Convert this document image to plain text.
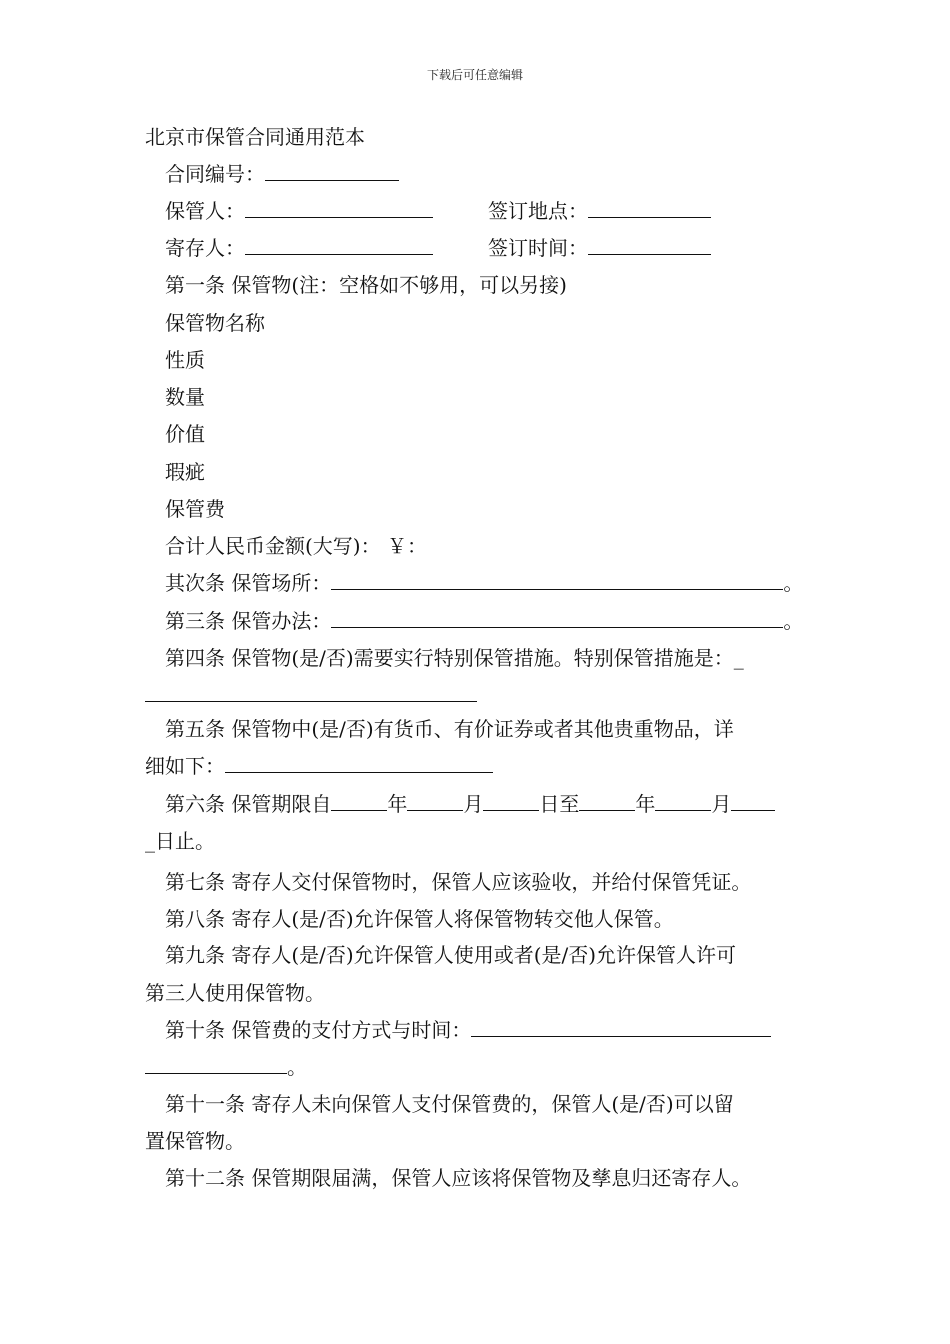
下载后可任意编辑
北京市保管合同通用范本
合同编号：
保管人：	签订地点：
寄存人：	签订时间：
第一条 保管物(注：空格如不够用，可以另接)
保管物名称
性质
数量
价值
瑕疵
保管费
合计人民币金额(大写)： ￥：
其次条 保管场所：	。
第三条 保管办法：	。
第四条 保管物(是/否)需要实行特别保管措施。特别保管措施是：_
第五条 保管物中(是/否)有货币、有价证券或者其他贵重物品，详
细如下：
第六条 保管期限自	年	月	日至	年	月
_日止。
第七条 寄存人交付保管物时，保管人应该验收，并给付保管凭证。
第八条 寄存人(是/否)允许保管人将保管物转交他人保管。
第九条 寄存人(是/否)允许保管人使用或者(是/否)允许保管人许可
第三人使用保管物。
第十条 保管费的支付方式与时间：
。
第十一条 寄存人未向保管人支付保管费的，保管人(是/否)可以留
置保管物。
第十二条 保管期限届满，保管人应该将保管物及孳息归还寄存人。
